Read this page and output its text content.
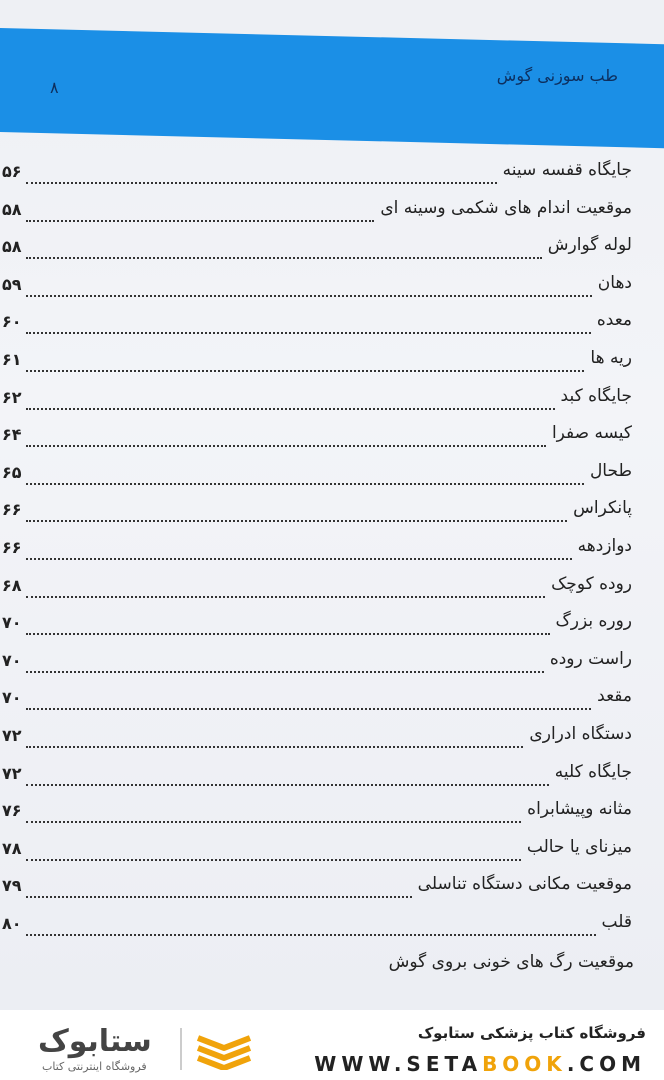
طب سوزنی گوش
۸
جایگاه قفسه سینه
۵۶
موقعیت اندام های شکمی وسینه ای
۵۸
لوله گوارش
۵۸
دهان
۵۹
معده
۶۰
ریه ها
۶۱
جایگاه کبد
۶۲
کیسه صفرا
۶۴
طحال
۶۵
پانکراس
۶۶
دوازدهه
۶۶
روده کوچک
۶۸
روره بزرگ
۷۰
راست روده
۷۰
مقعد
۷۰
دستگاه ادراری
۷۲
جایگاه کلیه
۷۲
مثانه وپیشابراه
۷۶
میزنای یا حالب
۷۸
موقعیت مکانی دستگاه تناسلی
۷۹
قلب
۸۰
موقعیت رگ های خونی بروی گوش
ستابوک
فروشگاه اینترنتی کتاب
فروشگاه کتاب پزشکی ستابوک
WWW.SETABOOK.COM
